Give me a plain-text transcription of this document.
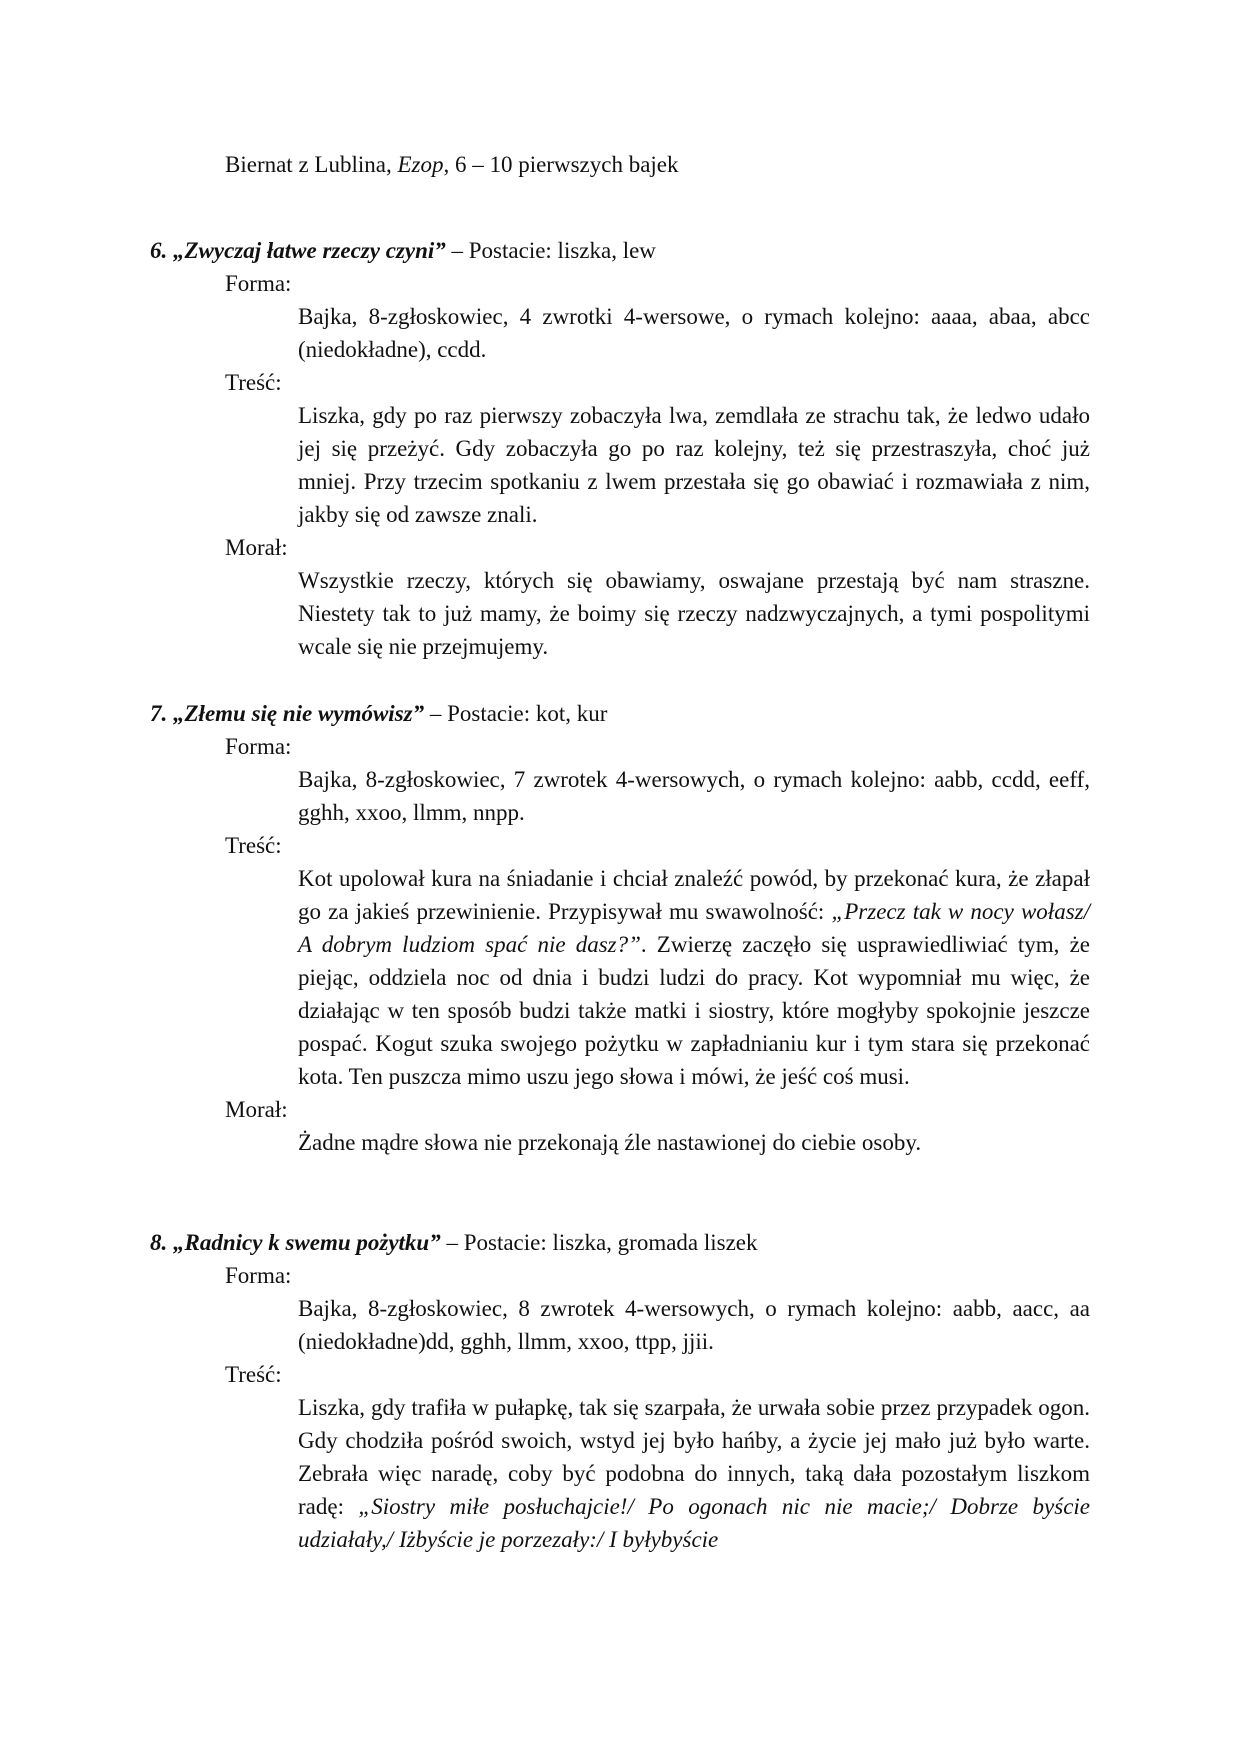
Biernat z Lublina, Ezop, 6 – 10 pierwszych bajek
6. „Zwyczaj łatwe rzeczy czyni” – Postacie: liszka, lew
Forma:
Bajka, 8-zgłoskowiec, 4 zwrotki 4-wersowe, o rymach kolejno: aaaa, abaa, abcc (niedokładne), ccdd.
Treść:
Liszka, gdy po raz pierwszy zobaczyła lwa, zemdlała ze strachu tak, że ledwo udało jej się przeżyć. Gdy zobaczyła go po raz kolejny, też się przestraszyła, choć już mniej. Przy trzecim spotkaniu z lwem przestała się go obawiać i rozmawiała z nim, jakby się od zawsze znali.
Morał:
Wszystkie rzeczy, których się obawiamy, oswajane przestają być nam straszne. Niestety tak to już mamy, że boimy się rzeczy nadzwyczajnych, a tymi pospolitymi wcale się nie przejmujemy.
7. „Złemu się nie wymówisz” – Postacie: kot, kur
Forma:
Bajka, 8-zgłoskowiec, 7 zwrotek 4-wersowych, o rymach kolejno: aabb, ccdd, eeff, gghh, xxoo, llmm, nnpp.
Treść:
Kot upolował kura na śniadanie i chciał znaleźć powód, by przekonać kura, że złapał go za jakieś przewinienie. Przypisywał mu swawolność: „Przecz tak w nocy wołasz/ A dobrym ludziom spać nie dasz?”. Zwierzę zaczęło się usprawiedliwiać tym, że piejąc, oddziela noc od dnia i budzi ludzi do pracy. Kot wypomniał mu więc, że działając w ten sposób budzi także matki i siostry, które mogłyby spokojnie jeszcze pospać. Kogut szuka swojego pożytku w zapładnianiu kur i tym stara się przekonać kota. Ten puszcza mimo uszu jego słowa i mówi, że jeść coś musi.
Morał:
Żadne mądre słowa nie przekonają źle nastawionej do ciebie osoby.
8. „Radnicy k swemu pożytku” – Postacie: liszka, gromada liszek
Forma:
Bajka, 8-zgłoskowiec, 8 zwrotek 4-wersowych, o rymach kolejno: aabb, aacc, aa (niedokładne)dd, gghh, llmm, xxoo, ttpp, jjii.
Treść:
Liszka, gdy trafiła w pułapkę, tak się szarpała, że urwała sobie przez przypadek ogon. Gdy chodziła pośród swoich, wstyd jej było hańby, a życie jej mało już było warte. Zebrała więc naradę, coby być podobna do innych, taką dała pozostałym liszkom radę: „Siostry miłe posłuchajcie!/ Po ogonach nic nie macie;/ Dobrze byście udziałały,/ Iżbyście je porzezały:/ I byłybyście
